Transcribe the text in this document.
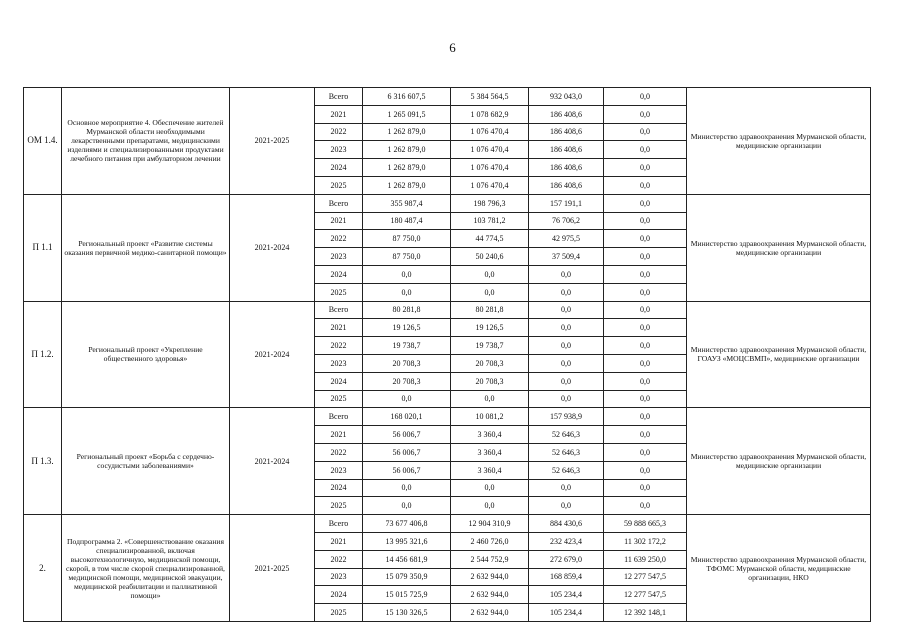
6
ОМ 1.4.	Основное мероприятие 4. Обеспечение жителей Мурманской области необходимыми лекарственными препаратами, медицинскими изделиями и специализированными продуктами лечебного питания при амбулаторном лечении	2021-2025	Всего	6 316 607,5	5 384 564,5	932 043,0	0,0	Министерство здравоохранения Мурманской области, медицинские организации
			2021	1 265 091,5	1 078 682,9	186 408,6	0,0	
			2022	1 262 879,0	1 076 470,4	186 408,6	0,0	
			2023	1 262 879,0	1 076 470,4	186 408,6	0,0	
			2024	1 262 879,0	1 076 470,4	186 408,6	0,0	
			2025	1 262 879,0	1 076 470,4	186 408,6	0,0	
П 1.1	Региональный проект «Развитие системы оказания первичной медико-санитарной помощи»	2021-2024	Всего	355 987,4	198 796,3	157 191,1	0,0	Министерство здравоохранения Мурманской области, медицинские организации
			2021	180 487,4	103 781,2	76 706,2	0,0	
			2022	87 750,0	44 774,5	42 975,5	0,0	
			2023	87 750,0	50 240,6	37 509,4	0,0	
			2024	0,0	0,0	0,0	0,0	
			2025	0,0	0,0	0,0	0,0	
П 1.2.	Региональный проект «Укрепление общественного здоровья»	2021-2024	Всего	80 281,8	80 281,8	0,0	0,0	Министерство здравоохранения Мурманской области, ГОАУЗ «МОЦСВМП», медицинские организации
			2021	19 126,5	19 126,5	0,0	0,0	
			2022	19 738,7	19 738,7	0,0	0,0	
			2023	20 708,3	20 708,3	0,0	0,0	
			2024	20 708,3	20 708,3	0,0	0,0	
			2025	0,0	0,0	0,0	0,0	
П 1.3.	Региональный проект «Борьба с сердечно-сосудистыми заболеваниями»	2021-2024	Всего	168 020,1	10 081,2	157 938,9	0,0	Министерство здравоохранения Мурманской области, медицинские организации
			2021	56 006,7	3 360,4	52 646,3	0,0	
			2022	56 006,7	3 360,4	52 646,3	0,0	
			2023	56 006,7	3 360,4	52 646,3	0,0	
			2024	0,0	0,0	0,0	0,0	
			2025	0,0	0,0	0,0	0,0	
2.	Подпрограмма 2. «Совершенствование оказания специализированной, включая высокотехнологичную, медицинской помощи, скорой, в том числе скорой специализированной, медицинской помощи, медицинской эвакуации, медицинской реабилитации и паллиативной помощи»	2021-2025	Всего	73 677 406,8	12 904 310,9	884 430,6	59 888 665,3	Министерство здравоохранения Мурманской области, ТФОМС Мурманской области, медицинские организации, НКО
			2021	13 995 321,6	2 460 726,0	232 423,4	11 302 172,2	
			2022	14 456 681,9	2 544 752,9	272 679,0	11 639 250,0	
			2023	15 079 350,9	2 632 944,0	168 859,4	12 277 547,5	
			2024	15 015 725,9	2 632 944,0	105 234,4	12 277 547,5	
			2025	15 130 326,5	2 632 944,0	105 234,4	12 392 148,1	
